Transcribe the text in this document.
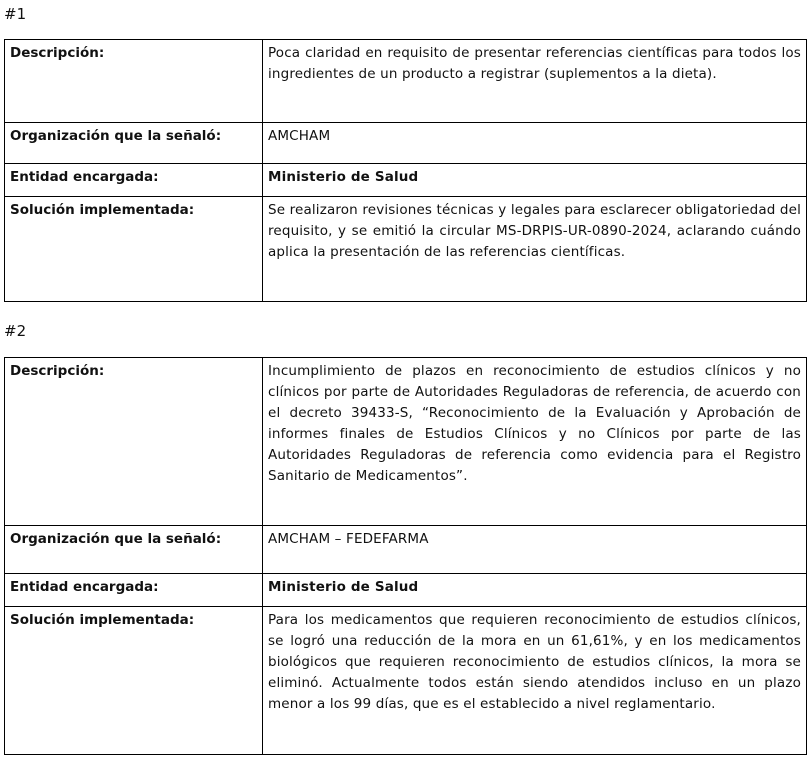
#1
Descripción:	Poca claridad en requisito de presentar referencias científicas para todos los ingredientes de un producto a registrar (suplementos a la dieta).
Organización que la señaló:	AMCHAM
Entidad encargada:	Ministerio de Salud
Solución implementada:	Se realizaron revisiones técnicas y legales para esclarecer obligatoriedad del requisito, y se emitió la circular MS-DRPIS-UR-0890-2024, aclarando cuándo aplica la presentación de las referencias científicas.
#2
Descripción:	Incumplimiento de plazos en reconocimiento de estudios clínicos y no clínicos por parte de Autoridades Reguladoras de referencia, de acuerdo con el decreto 39433-S, “Reconocimiento de la Evaluación y Aprobación de informes finales de Estudios Clínicos y no Clínicos por parte de las Autoridades Reguladoras de referencia como evidencia para el Registro Sanitario de Medicamentos”.
Organización que la señaló:	AMCHAM – FEDEFARMA
Entidad encargada:	Ministerio de Salud
Solución implementada:	Para los medicamentos que requieren reconocimiento de estudios clínicos, se logró una reducción de la mora en un 61,61%, y en los medicamentos biológicos que requieren reconocimiento de estudios clínicos, la mora se eliminó. Actualmente todos están siendo atendidos incluso en un plazo menor a los 99 días, que es el establecido a nivel reglamentario.
